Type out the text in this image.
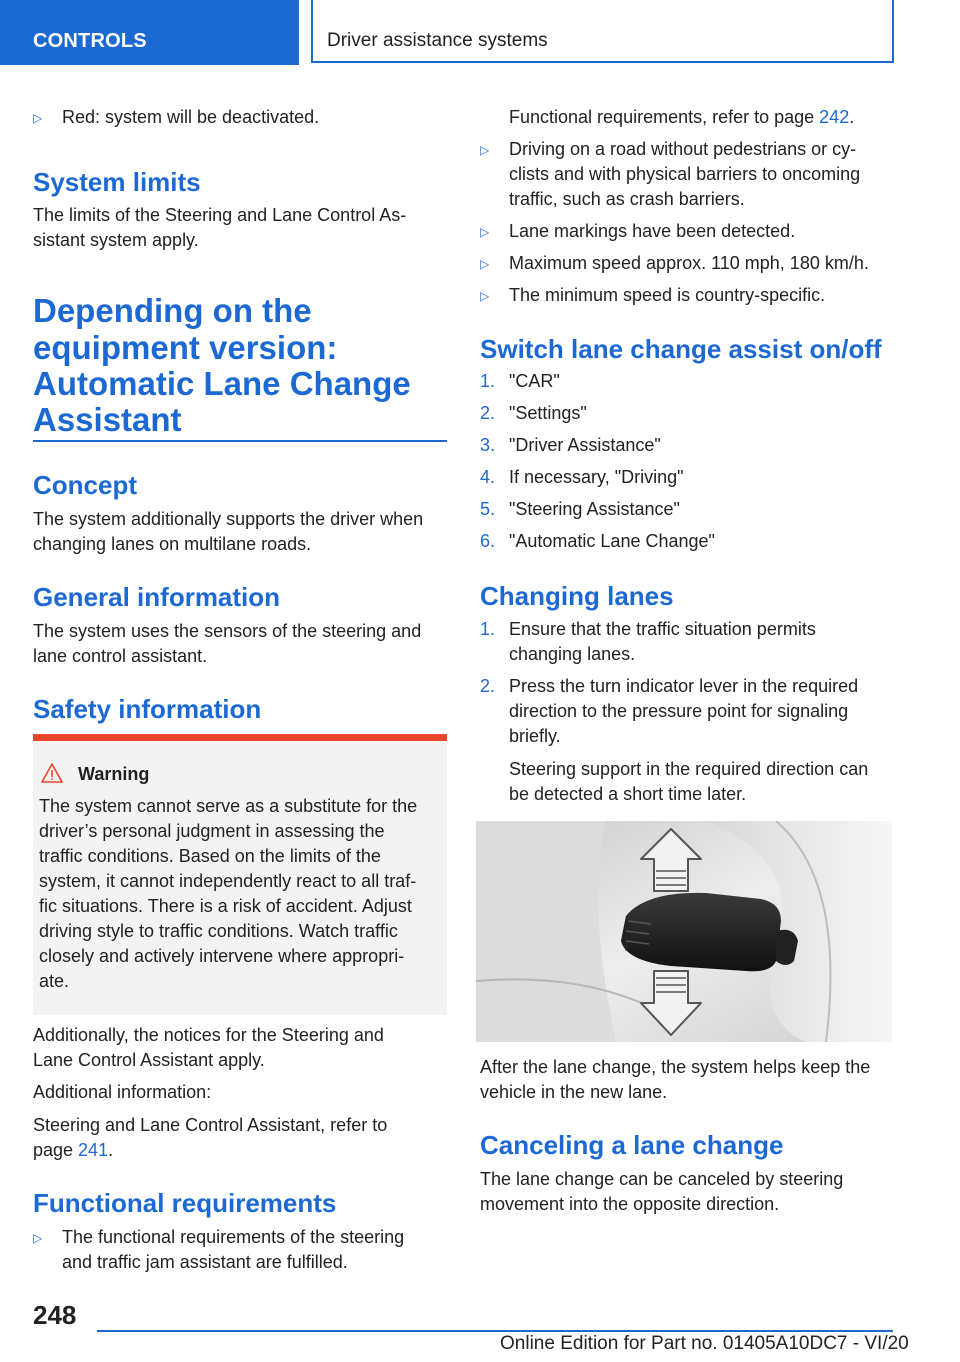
CONTROLS	Driver assistance systems
▷ Red: system will be deactivated.
System limits
The limits of the Steering and Lane Control As-
sistant system apply.
Depending on the
equipment version:
Automatic Lane Change
Assistant
Concept
The system additionally supports the driver when
changing lanes on multilane roads.
General information
The system uses the sensors of the steering and
lane control assistant.
Safety information
Warning
The system cannot serve as a substitute for the
driver’s personal judgment in assessing the
traffic conditions. Based on the limits of the
system, it cannot independently react to all traf-
fic situations. There is a risk of accident. Adjust
driving style to traffic conditions. Watch traffic
closely and actively intervene where appropri-
ate.
Additionally, the notices for the Steering and
Lane Control Assistant apply.
Additional information:
Steering and Lane Control Assistant, refer to
page 241.
Functional requirements
▷ The functional requirements of the steering
and traffic jam assistant are fulfilled.
Functional requirements, refer to page 242.
▷ Driving on a road without pedestrians or cy-
clists and with physical barriers to oncoming
traffic, such as crash barriers.
▷ Lane markings have been detected.
▷ Maximum speed approx. 110 mph, 180 km/h.
▷ The minimum speed is country-specific.
Switch lane change assist on/off
1. "CAR"
2. "Settings"
3. "Driver Assistance"
4. If necessary, "Driving"
5. "Steering Assistance"
6. "Automatic Lane Change"
Changing lanes
1. Ensure that the traffic situation permits
changing lanes.
2. Press the turn indicator lever in the required
direction to the pressure point for signaling
briefly.
Steering support in the required direction can
be detected a short time later.
After the lane change, the system helps keep the
vehicle in the new lane.
Canceling a lane change
The lane change can be canceled by steering
movement into the opposite direction.
248
Online Edition for Part no. 01405A10DC7 - VI/20
